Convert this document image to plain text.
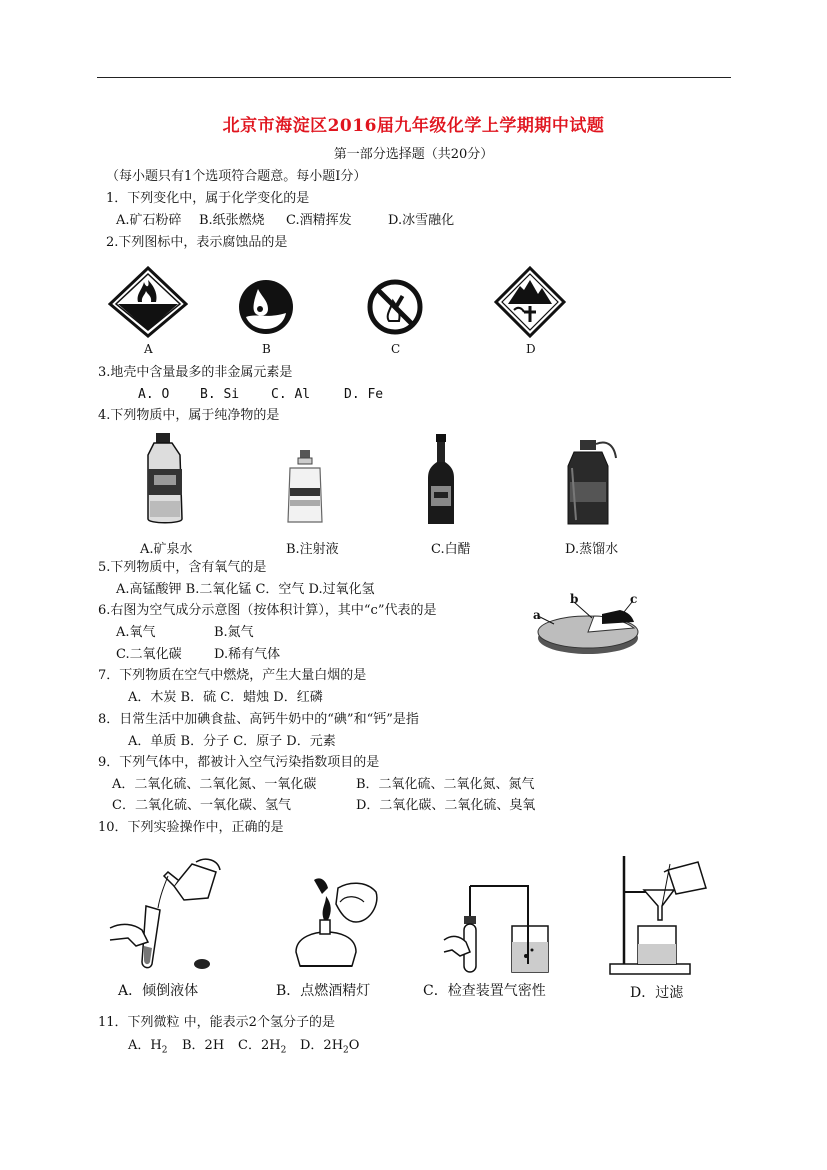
北京市海淀区2016届九年级化学上学期期中试题
第一部分选择题（共20分）
（每小题只有1个选项符合题意。每小题I分）
1．下列变化中，属于化学变化的是
A.矿石粉碎 B.纸张燃烧 C.酒精挥发	D.冰雪融化
2.下列图标中，表示腐蚀品的是
A	B	C	D
3.地壳中含量最多的非金属元素是
A. O B. Si C. Al	D. Fe
4.下列物质中，属于纯净物的是
A.矿泉水	B.注射液	C.白醋	D.蒸馏水
5.下列物质中，含有氧气的是
A.高锰酸钾 B.二氧化锰 C．空气 D.过氧化氢
6.右图为空气成分示意图（按体积计算），其中“c”代表的是
A.氧气	B.氮气
C.二氧化碳 D.稀有气体
a
b	c
7．下列物质在空气中燃烧，产生大量白烟的是
A．木炭 B．硫 C．蜡烛 D．红磷
8．日常生活中加碘食盐、高钙牛奶中的“碘”和“钙”是指
A．单质 B．分子 C．原子 D．元素
9．下列气体中，都被计入空气污染指数项目的是
A．二氧化硫、二氧化氮、一氧化碳	B．二氧化硫、二氧化氮、氮气
C．二氧化硫、一氧化碳、氢气	D．二氧化碳、二氧化硫、臭氧
10．下列实验操作中，正确的是
A．倾倒液体	B．点燃酒精灯	C．检查装置气密性	D．过滤
11．下列微粒 中，能表示2个氢分子的是
A．$H_2$ B．2H C．$2H_2$ D．$2H_2O$
